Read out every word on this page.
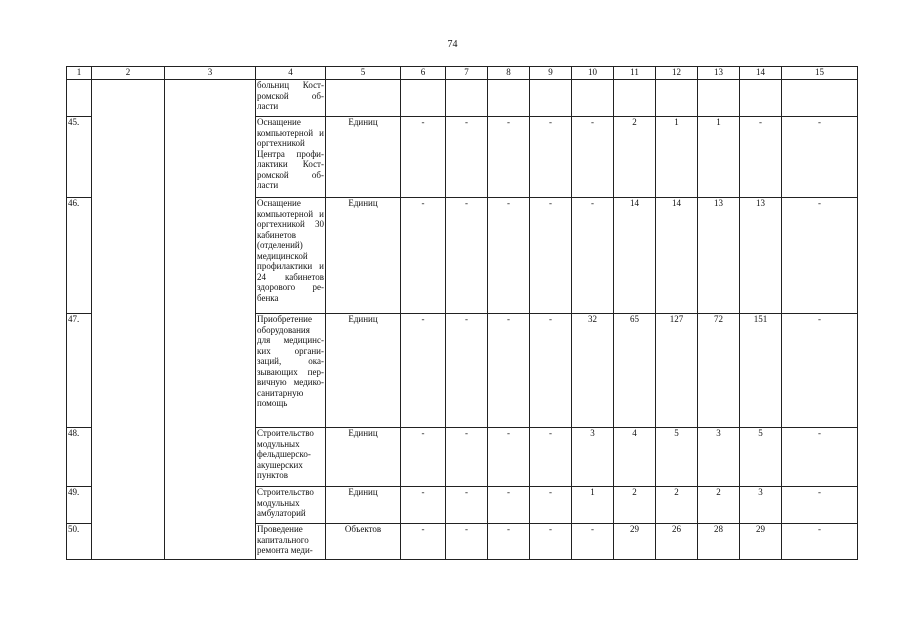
74
1	2	3	4	5	6	7	8	9	10	11	12	13	14	15
			больниц Кост-ромской об-ласти											
45.			Оснащение компьютерной и оргтехникой Центра профи-лактики Кост-ромской об-ласти	Единиц	-	-	-	-	-	2	1	1	-	-
46.			Оснащение компьютерной и оргтехникой 30 кабинетов (отделений) медицинской профилактики и 24 кабинетов здорового ре-бенка	Единиц	-	-	-	-	-	14	14	13	13	-
47.			Приобретение оборудования для медицинс-ких органи-заций, ока-зывающих пер-вичную медико-санитарную помощь	Единиц	-	-	-	-	32	65	127	72	151	-
48.			Строительство модульных фельдшерско-акушерских пунктов	Единиц	-	-	-	-	3	4	5	3	5	-
49.			Строительство модульных амбулаторий	Единиц	-	-	-	-	1	2	2	2	3	-
50.			Проведение капитального ремонта меди-	Объектов	-	-	-	-	-	29	26	28	29	-
